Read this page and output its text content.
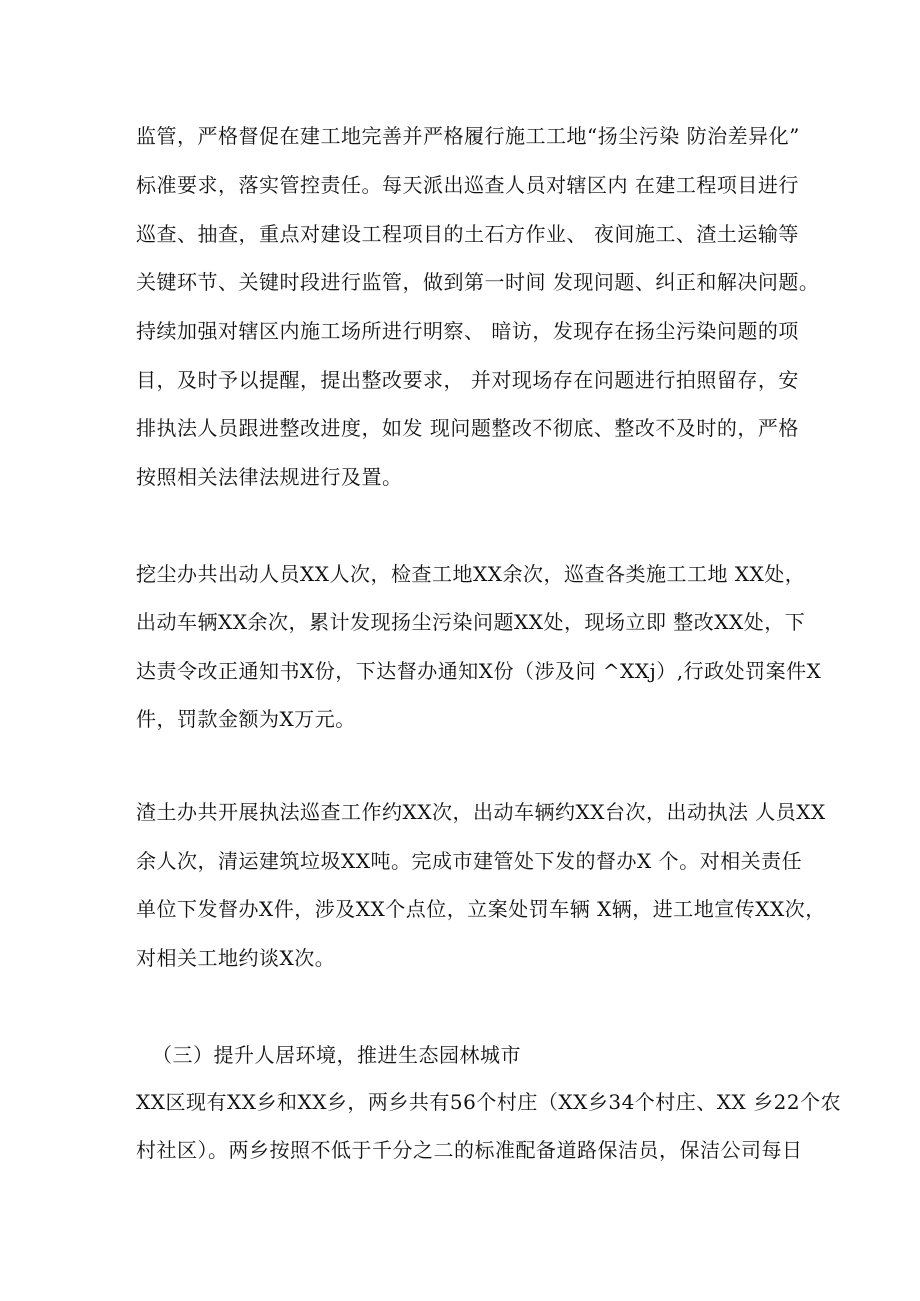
监管，严格督促在建工地完善并严格履行施工工地“扬尘污染 防治差异化”
标准要求，落实管控责任。每天派出巡查人员对辖区内 在建工程项目进行
巡查、抽查，重点对建设工程项目的土石方作业、 夜间施工、渣土运输等
关键环节、关键时段进行监管，做到第一时间 发现问题、纠正和解决问题。
持续加强对辖区内施工场所进行明察、 暗访，发现存在扬尘污染问题的项
目，及时予以提醒，提出整改要求， 并对现场存在问题进行拍照留存，安
排执法人员跟进整改进度，如发 现问题整改不彻底、整改不及时的，严格
按照相关法律法规进行及置。
挖尘办共出动人员XX人次，检查工地XX余次，巡查各类施工工地 XX处，
出动车辆XX余次，累计发现扬尘污染问题XX处，现场立即 整改XX处，下
达责令改正通知书X份，下达督办通知X份（涉及问 ^XXj）,行政处罚案件X
件，罚款金额为X万元。
渣土办共开展执法巡查工作约XX次，出动车辆约XX台次，出动执法 人员XX
余人次，清运建筑垃圾XX吨。完成市建管处下发的督办X 个。对相关责任
单位下发督办X件，涉及XX个点位，立案处罚车辆 X辆，进工地宣传XX次，
对相关工地约谈X次。
（三）提升人居环境，推进生态园林城市
XX区现有XX乡和XX乡，两乡共有56个村庄（XX乡34个村庄、XX 乡22个农
村社区）。两乡按照不低于千分之二的标准配备道路保洁员，保洁公司每日
